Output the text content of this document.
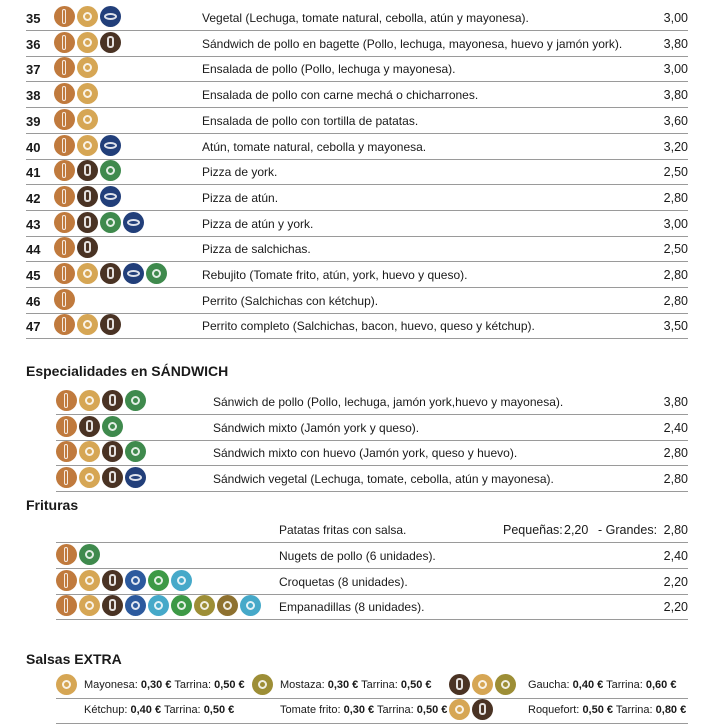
35	Vegetal (Lechuga, tomate natural, cebolla, atún y mayonesa).	3,00
36	Sándwich de pollo en bagette (Pollo, lechuga, mayonesa, huevo y jamón york).	3,80
37	Ensalada de pollo (Pollo, lechuga y mayonesa).	3,00
38	Ensalada de pollo con carne mechá o chicharrones.	3,80
39	Ensalada de pollo con tortilla de patatas.	3,60
40	Atún, tomate natural, cebolla y mayonesa.	3,20
41	Pizza de york.	2,50
42	Pizza de atún.	2,80
43	Pizza de atún y york.	3,00
44	Pizza de salchichas.	2,50
45	Rebujito (Tomate frito, atún, york, huevo y queso).	2,80
46	Perrito (Salchichas con kétchup).	2,80
47	Perrito completo (Salchichas, bacon, huevo, queso y kétchup).	3,50
Especialidades en SÁNDWICH
Sánwich de pollo (Pollo, lechuga, jamón york,huevo y mayonesa).	3,80
Sándwich mixto (Jamón york y queso).	2,40
Sándwich mixto con huevo (Jamón york, queso y huevo).	2,80
Sándwich vegetal (Lechuga, tomate, cebolla, atún y mayonesa).	2,80
Frituras
Patatas fritas con salsa.	Pequeñas: 2,20 - Grandes: 2,80
Nugets de pollo (6 unidades).	2,40
Croquetas (8 unidades).	2,20
Empanadillas (8 unidades).	2,20
Salsas EXTRA
Mayonesa: 0,30 € Tarrina: 0,50 €	Mostaza: 0,30 € Tarrina: 0,50 €	Gaucha: 0,40 € Tarrina: 0,60 €
Kétchup: 0,40 € Tarrina: 0,50 €	Tomate frito: 0,30 € Tarrina: 0,50 €	Roquefort: 0,50 € Tarrina: 0,80 €
